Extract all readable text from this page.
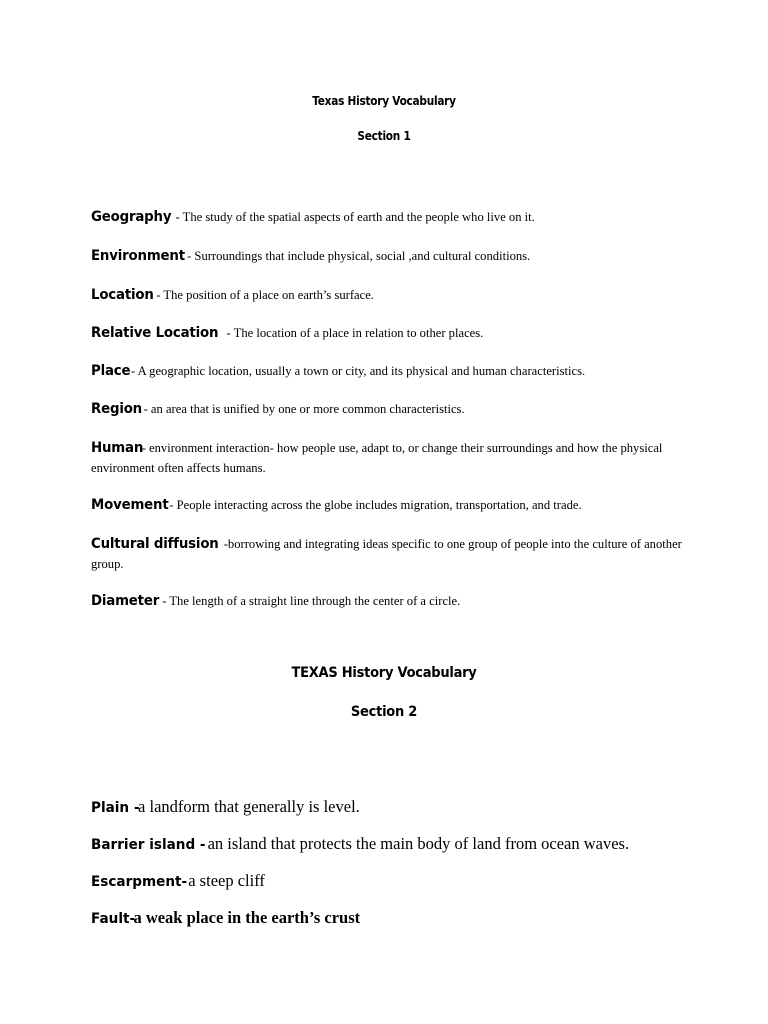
Texas History Vocabulary
Section 1
Geography - The study of the spatial aspects of earth and the people who live on it.
Environment - Surroundings that include physical, social ,and cultural conditions.
Location - The position of a place on earth’s surface.
Relative Location - The location of a place in relation to other places.
Place - A geographic location, usually a town or city, and its physical and human characteristics.
Region - an area that is unified by one or more common characteristics.
Human- environment interaction- how people use, adapt to, or change their surroundings and how the physical environment often affects humans.
Movement- People interacting across the globe includes migration, transportation, and trade.
Cultural diffusion -borrowing and integrating ideas specific to one group of people into the culture of another group.
Diameter - The length of a straight line through the center of a circle.
TEXAS History Vocabulary
Section 2
Plain -a landform that generally is level.
Barrier island -an island that protects the main body of land from ocean waves.
Escarpment-a steep cliff
Fault-a weak place in the earth’s crust
